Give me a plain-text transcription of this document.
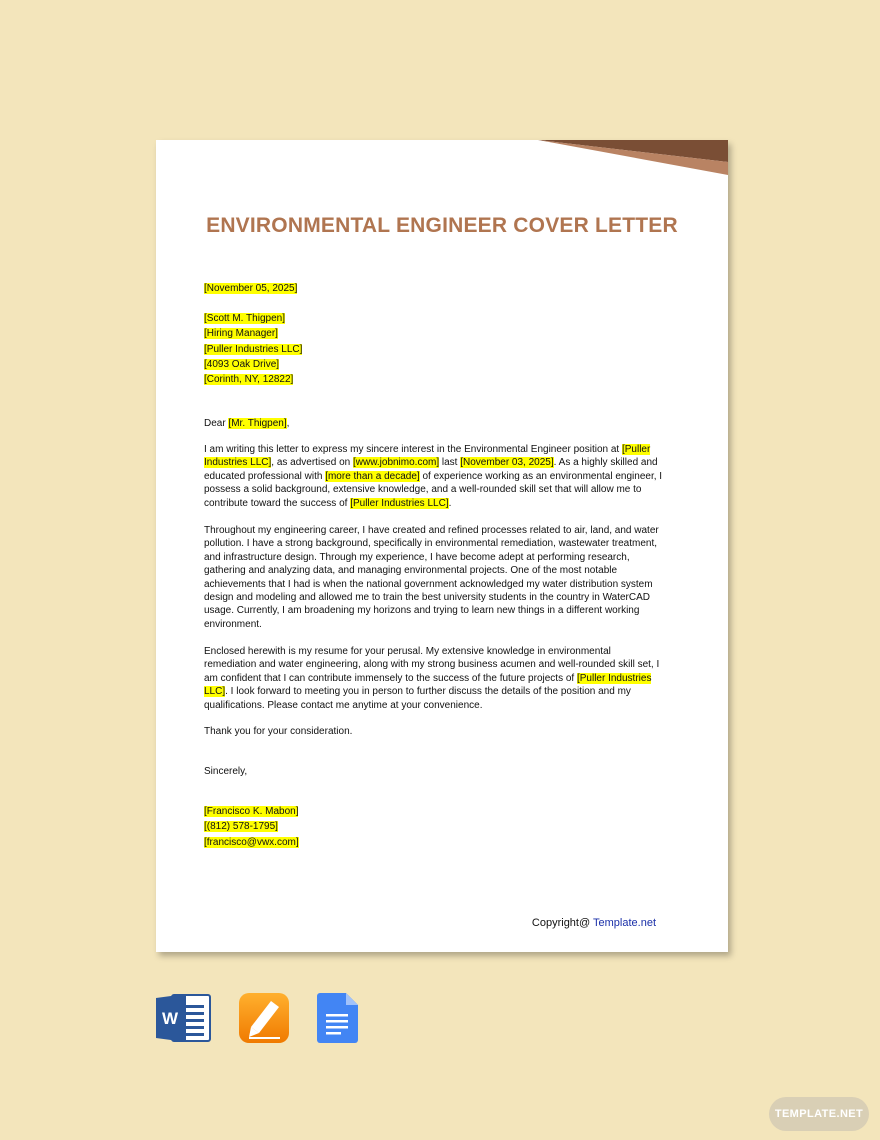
ENVIRONMENTAL ENGINEER COVER LETTER
[November 05, 2025]
[Scott M. Thigpen]
[Hiring Manager]
[Puller Industries LLC]
[4093 Oak Drive]
[Corinth, NY, 12822]
Dear [Mr. Thigpen],
I am writing this letter to express my sincere interest in the Environmental Engineer position at [Puller Industries LLC], as advertised on [www.jobnimo.com] last [November 03, 2025]. As a highly skilled and educated professional with [more than a decade] of experience working as an environmental engineer, I possess a solid background, extensive knowledge, and a well-rounded skill set that will allow me to contribute toward the success of [Puller Industries LLC].
Throughout my engineering career, I have created and refined processes related to air, land, and water pollution. I have a strong background, specifically in environmental remediation, wastewater treatment, and infrastructure design. Through my experience, I have become adept at performing research, gathering and analyzing data, and managing environmental projects. One of the most notable achievements that I had is when the national government acknowledged my water distribution system design and modeling and allowed me to train the best university students in the country in WaterCAD usage. Currently, I am broadening my horizons and trying to learn new things in a different working environment.
Enclosed herewith is my resume for your perusal. My extensive knowledge in environmental remediation and water engineering, along with my strong business acumen and well-rounded skill set, I am confident that I can contribute immensely to the success of the future projects of [Puller Industries LLC]. I look forward to meeting you in person to further discuss the details of the position and my qualifications. Please contact me anytime at your convenience.
Thank you for your consideration.
Sincerely,
[Francisco K. Mabon]
[(812) 578-1795]
[francisco@vwx.com]
Copyright@ Template.net
W
TEMPLATE.NET
